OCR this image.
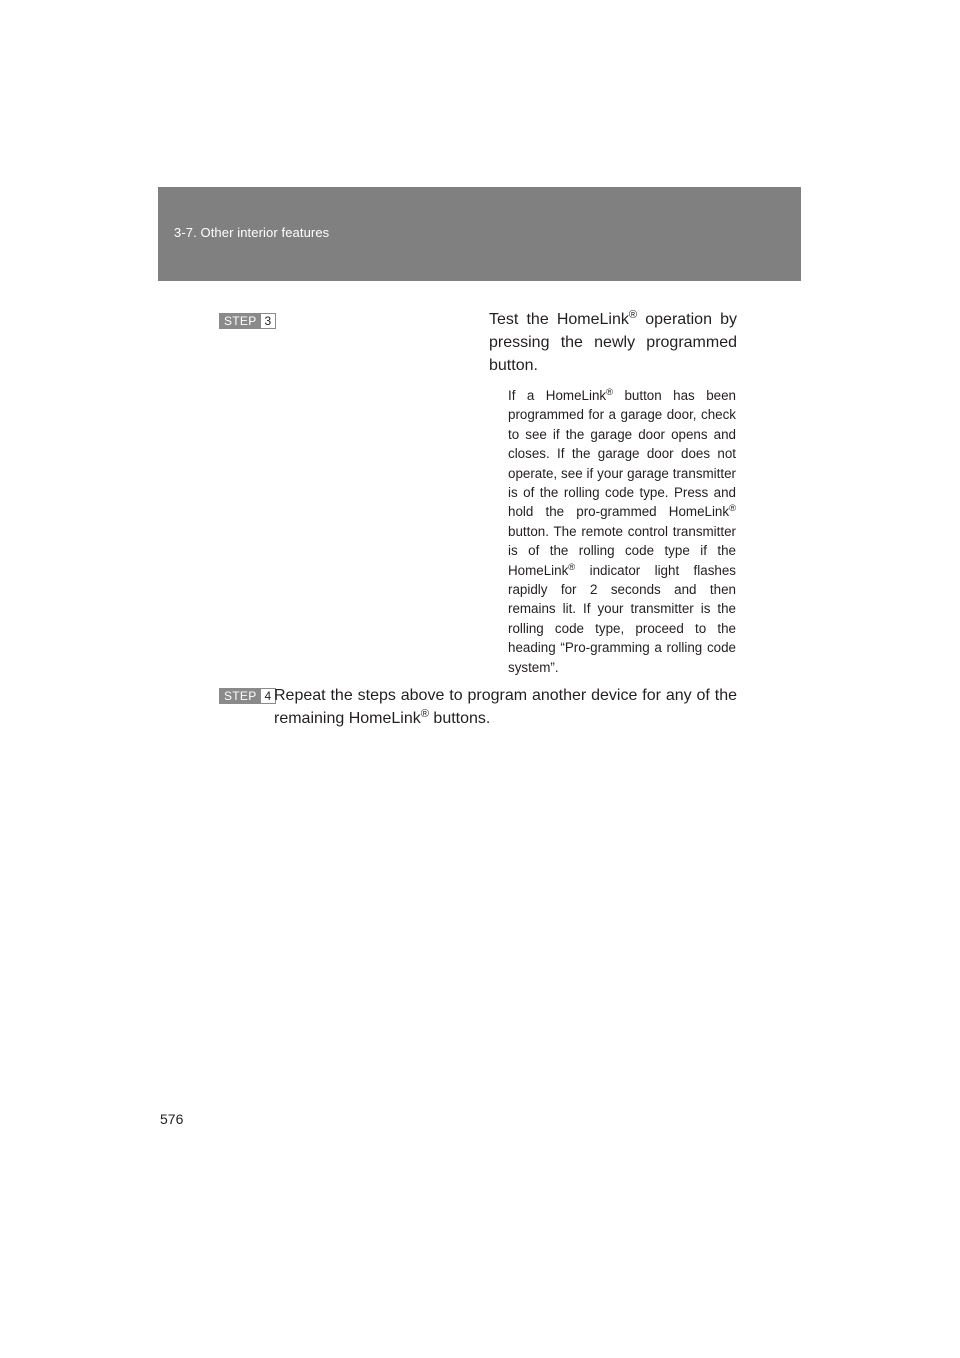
3-7. Other interior features
STEP 3	Test the HomeLink® operation by pressing the newly programmed button.
If a HomeLink® button has been programmed for a garage door, check to see if the garage door opens and closes. If the garage door does not operate, see if your garage transmitter is of the rolling code type. Press and hold the pro-grammed HomeLink® button. The remote control transmitter is of the rolling code type if the HomeLink® indicator light flashes rapidly for 2 seconds and then remains lit. If your transmitter is the rolling code type, proceed to the heading “Pro-gramming a rolling code system”.
STEP 4 Repeat the steps above to program another device for any of the remaining HomeLink® buttons.
576
